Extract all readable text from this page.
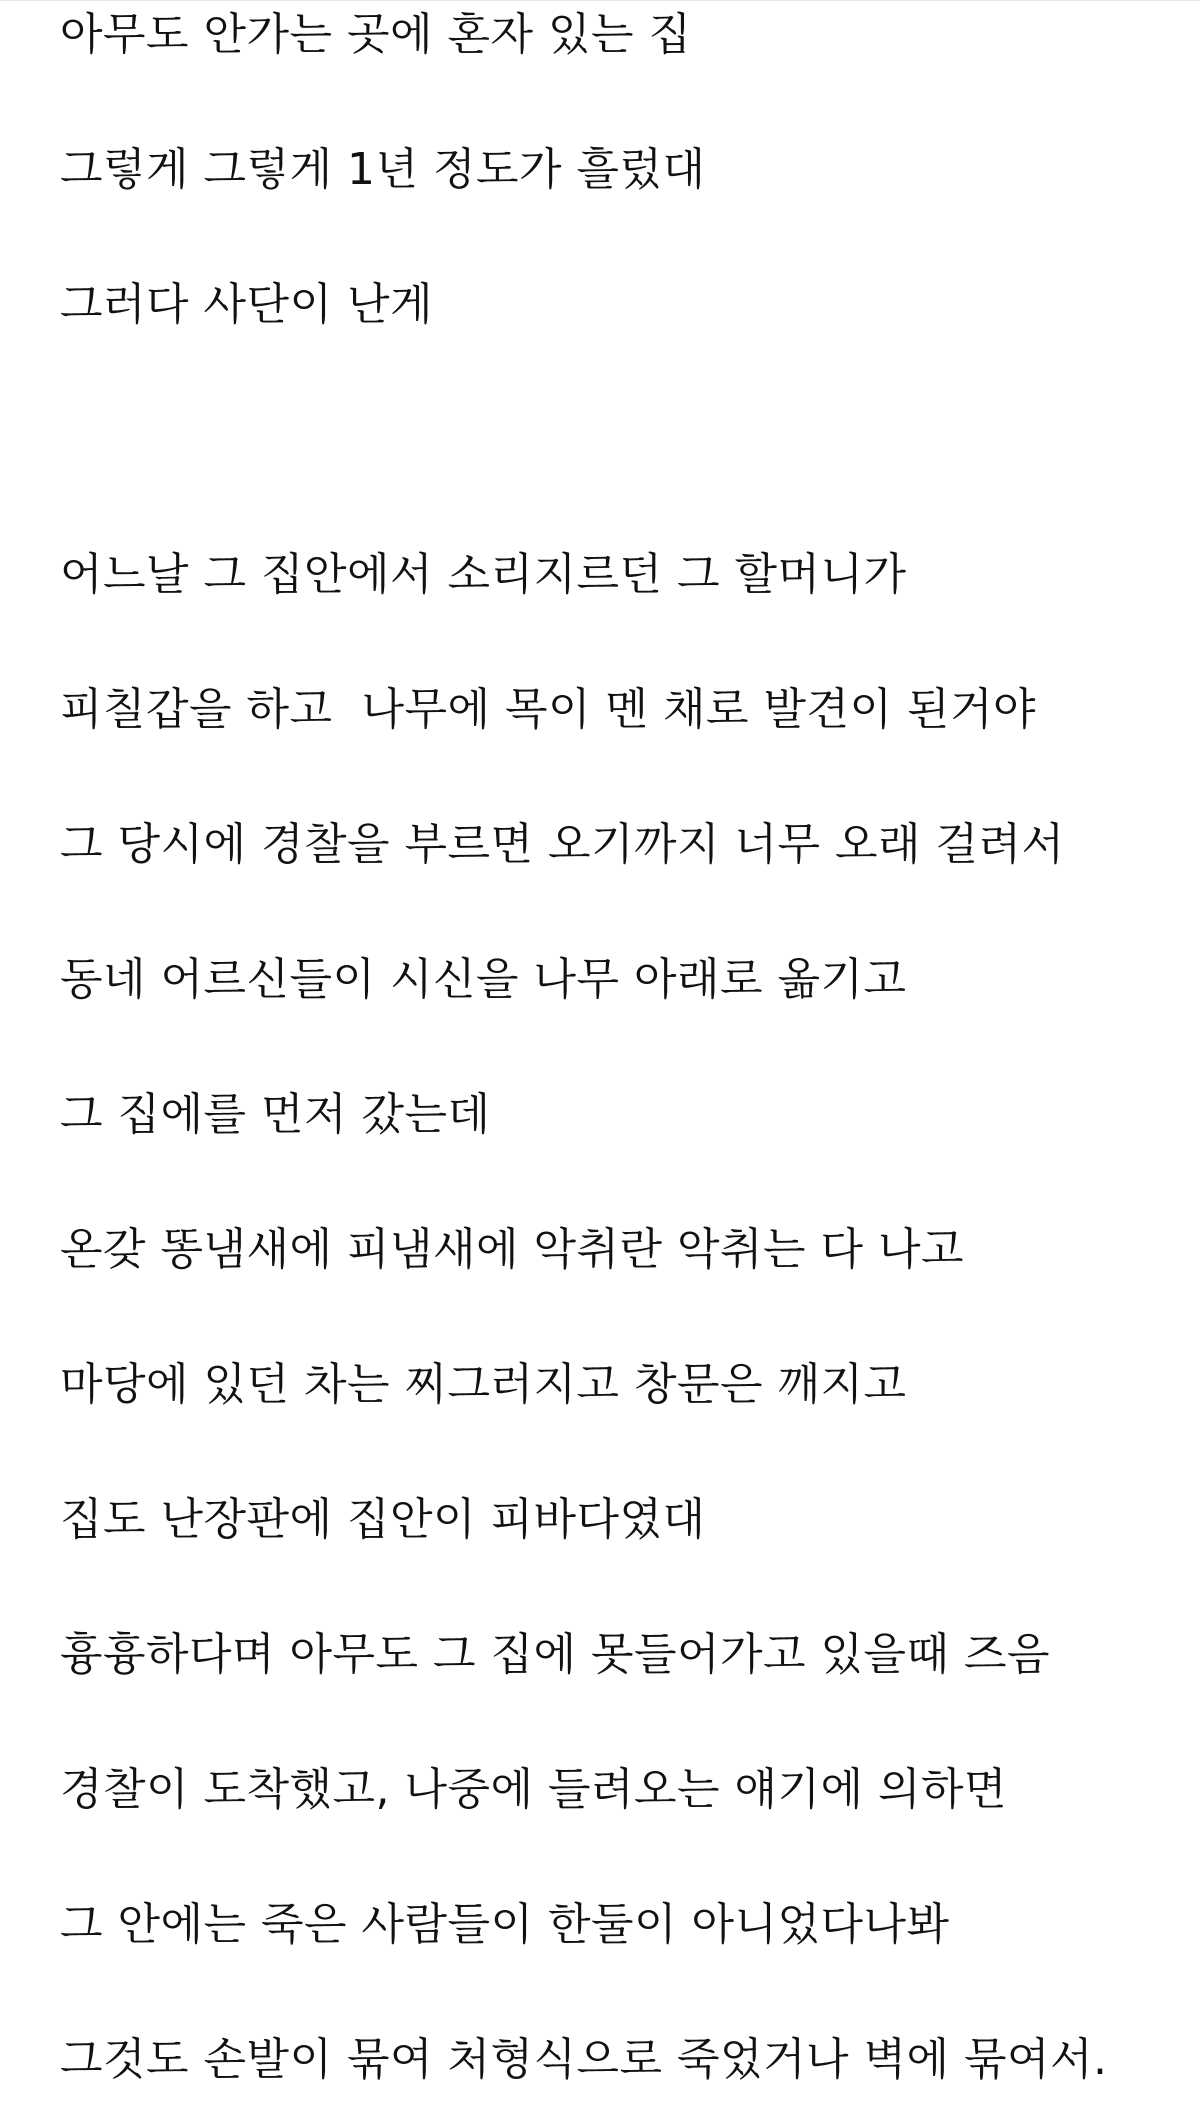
아무도 안가는 곳에 혼자 있는 집
그렇게 그렇게 1년 정도가 흘렀대
그러다 사단이 난게
어느날 그 집안에서 소리지르던 그 할머니가
피칠갑을 하고  나무에 목이 멘 채로 발견이 된거야
그 당시에 경찰을 부르면 오기까지 너무 오래 걸려서
동네 어르신들이 시신을 나무 아래로 옮기고
그 집에를 먼저 갔는데
온갖 똥냄새에 피냄새에 악취란 악취는 다 나고
마당에 있던 차는 찌그러지고 창문은 깨지고
집도 난장판에 집안이 피바다였대
흉흉하다며 아무도 그 집에 못들어가고 있을때 즈음
경찰이 도착했고, 나중에 들려오는 얘기에 의하면
그 안에는 죽은 사람들이 한둘이 아니었다나봐
그것도 손발이 묶여 처형식으로 죽었거나 벽에 묶여서.
